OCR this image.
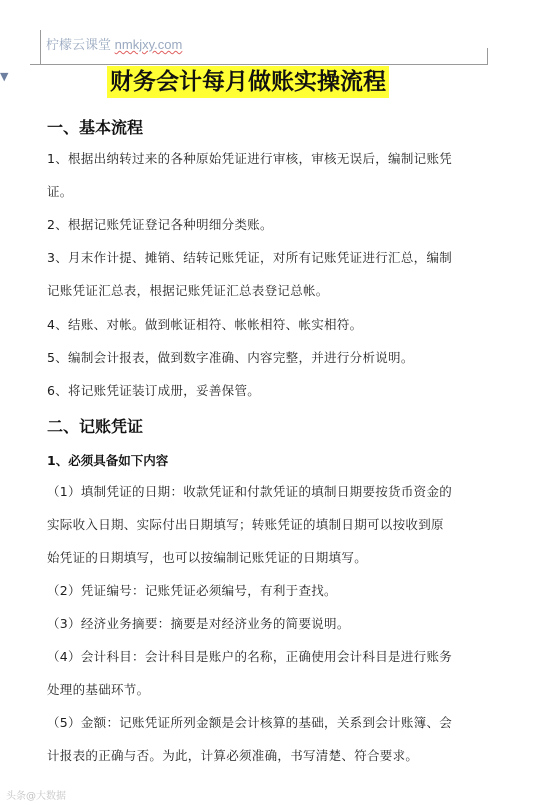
柠檬云课堂 nmkjxy.com
▼	财务会计每月做账实操流程
一、基本流程
1、根据出纳转过来的各种原始凭证进行审核，审核无误后，编制记账凭
证。
2、根据记账凭证登记各种明细分类账。
3、月末作计提、摊销、结转记账凭证，对所有记账凭证进行汇总，编制
记账凭证汇总表，根据记账凭证汇总表登记总帐。
4、结账、对帐。做到帐证相符、帐帐相符、帐实相符。
5、编制会计报表，做到数字准确、内容完整，并进行分析说明。
6、将记账凭证装订成册，妥善保管。
二、记账凭证
1、必须具备如下内容
（1）填制凭证的日期：收款凭证和付款凭证的填制日期要按货币资金的
实际收入日期、实际付出日期填写；转账凭证的填制日期可以按收到原
始凭证的日期填写，也可以按编制记账凭证的日期填写。
（2）凭证编号：记账凭证必须编号，有利于查找。
（3）经济业务摘要：摘要是对经济业务的简要说明。
（4）会计科目：会计科目是账户的名称，正确使用会计科目是进行账务
处理的基础环节。
（5）金额：记账凭证所列金额是会计核算的基础，关系到会计账簿、会
计报表的正确与否。为此，计算必须准确，书写清楚、符合要求。
头条@大数据
